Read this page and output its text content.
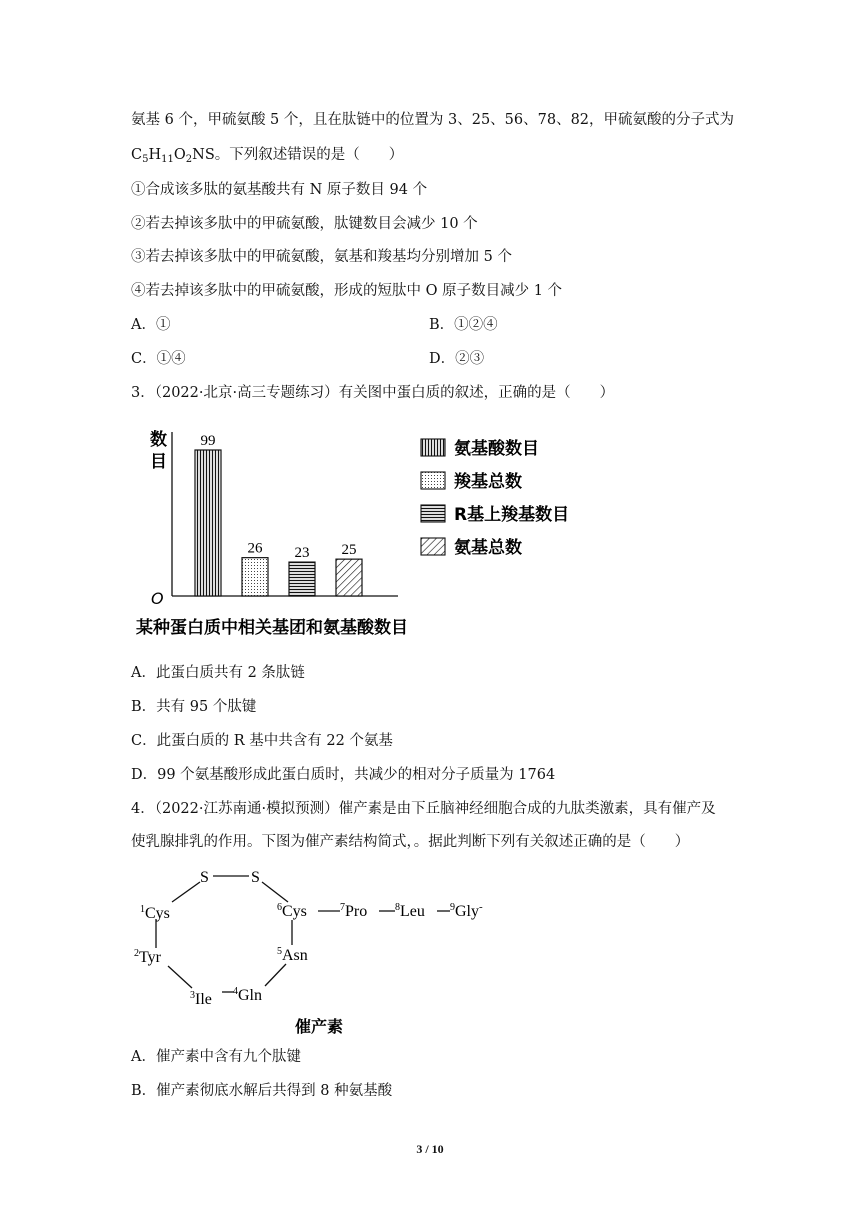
氨基 6 个，甲硫氨酸 5 个，且在肽链中的位置为 3、25、56、78、82，甲硫氨酸的分子式为
$C_5H_{11}O_2NS$。下列叙述错误的是（　　）
①合成该多肽的氨基酸共有 N 原子数目 94 个
②若去掉该多肽中的甲硫氨酸，肽键数目会减少 10 个
③若去掉该多肽中的甲硫氨酸，氨基和羧基均分别增加 5 个
④若去掉该多肽中的甲硫氨酸，形成的短肽中 O 原子数目减少 1 个
A．①	B．①②④
C．①④	D．②③
3．（2022·北京·高三专题练习）有关图中蛋白质的叙述，正确的是（　　）
数
目
O
99
26 23 25
氨基酸数目
羧基总数
R基上羧基数目
氨基总数
某种蛋白质中相关基团和氨基酸数目
A．此蛋白质共有 2 条肽链
B．共有 95 个肽键
C．此蛋白质的 R 基中共含有 22 个氨基
D．99 个氨基酸形成此蛋白质时，共减少的相对分子质量为 1764
4．（2022·江苏南通·模拟预测）催产素是由下丘脑神经细胞合成的九肽类激素，具有催产及
使乳腺排乳的作用。下图为催产素结构简式，。据此判断下列有关叙述正确的是（　　）
S	S
$^1$Cys
$^2$Tyr
$^3$Ile $^4$Gln
$^5$Asn
$^6$Cys	$^7$Pro	$^8$Leu	$^9$Gly-
催产素
A．催产素中含有九个肽键
B．催产素彻底水解后共得到 8 种氨基酸
3 / 10
